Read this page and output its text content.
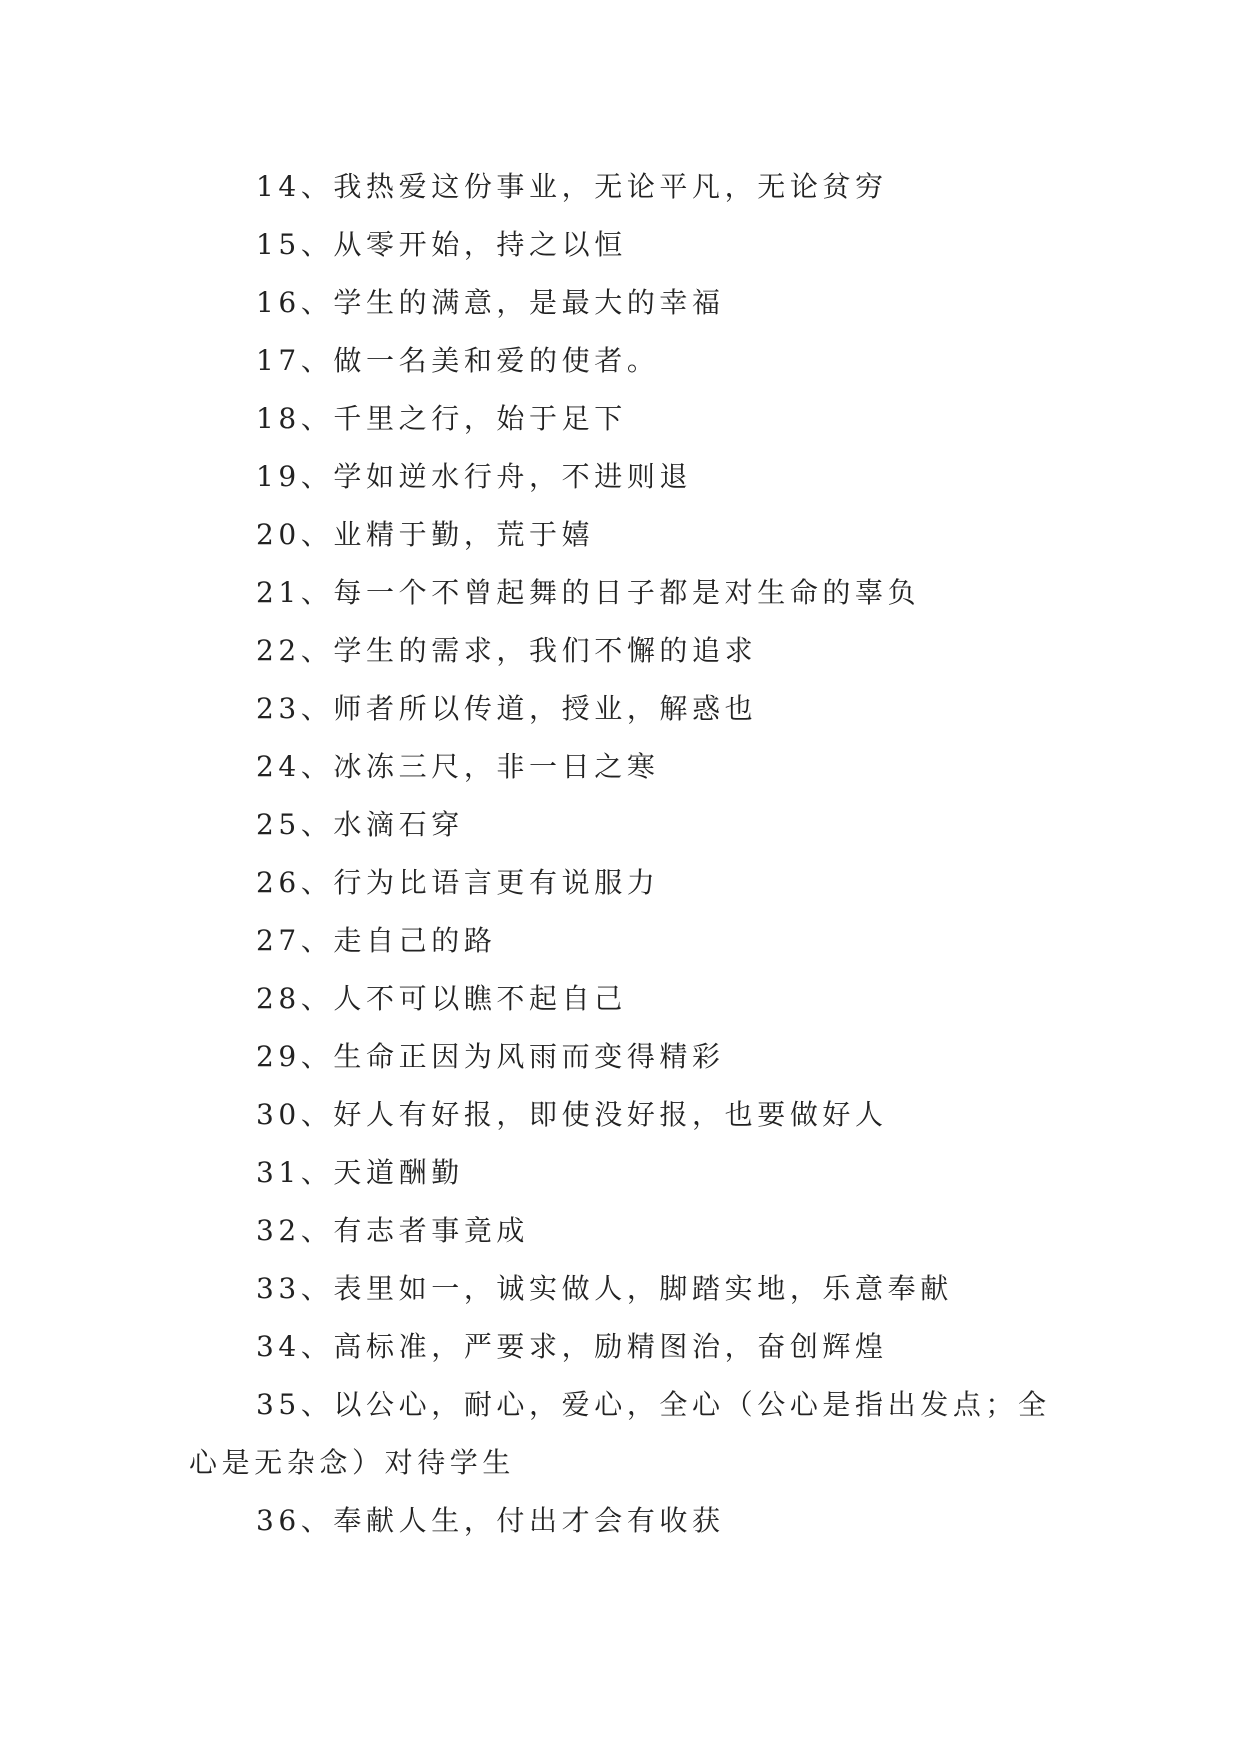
14、我热爱这份事业，无论平凡，无论贫穷

15、从零开始，持之以恒

16、学生的满意，是最大的幸福

17、做一名美和爱的使者。

18、千里之行，始于足下

19、学如逆水行舟，不进则退

20、业精于勤，荒于嬉

21、每一个不曾起舞的日子都是对生命的辜负

22、学生的需求，我们不懈的追求

23、师者所以传道，授业，解惑也

24、冰冻三尺，非一日之寒

25、水滴石穿

26、行为比语言更有说服力

27、走自己的路

28、人不可以瞧不起自己

29、生命正因为风雨而变得精彩

30、好人有好报，即使没好报，也要做好人

31、天道酬勤

32、有志者事竟成

33、表里如一，诚实做人，脚踏实地，乐意奉献

34、高标准，严要求，励精图治，奋创辉煌

35、以公心，耐心，爱心，全心（公心是指出发点；全心是无杂念）对待学生

36、奉献人生，付出才会有收获
